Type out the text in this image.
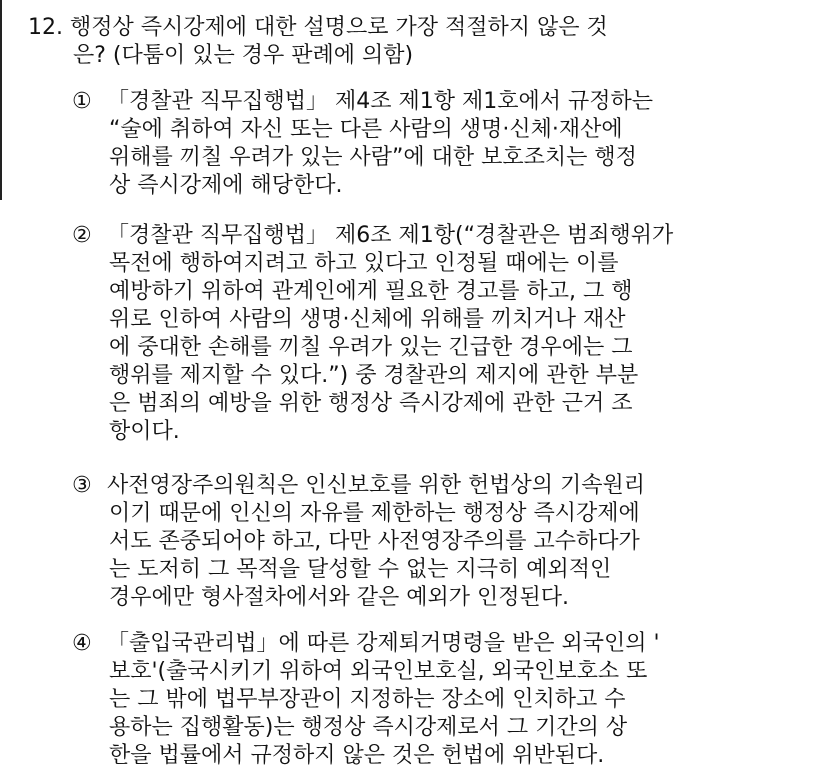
12. 행정상 즉시강제에 대한 설명으로 가장 적절하지 않은 것
은? (다툼이 있는 경우 판례에 의함)
① 「경찰관 직무집행법」 제4조 제1항 제1호에서 규정하는
“술에 취하여 자신 또는 다른 사람의 생명·신체·재산에
위해를 끼칠 우려가 있는 사람”에 대한 보호조치는 행정
상 즉시강제에 해당한다.
② 「경찰관 직무집행법」 제6조 제1항(“경찰관은 범죄행위가
목전에 행하여지려고 하고 있다고 인정될 때에는 이를
예방하기 위하여 관계인에게 필요한 경고를 하고, 그 행
위로 인하여 사람의 생명·신체에 위해를 끼치거나 재산
에 중대한 손해를 끼칠 우려가 있는 긴급한 경우에는 그
행위를 제지할 수 있다.”) 중 경찰관의 제지에 관한 부분
은 범죄의 예방을 위한 행정상 즉시강제에 관한 근거 조
항이다.
③ 사전영장주의원칙은 인신보호를 위한 헌법상의 기속원리
이기 때문에 인신의 자유를 제한하는 행정상 즉시강제에
서도 존중되어야 하고, 다만 사전영장주의를 고수하다가
는 도저히 그 목적을 달성할 수 없는 지극히 예외적인
경우에만 형사절차에서와 같은 예외가 인정된다.
④ 「출입국관리법」에 따른 강제퇴거명령을 받은 외국인의 '
보호'(출국시키기 위하여 외국인보호실, 외국인보호소 또
는 그 밖에 법무부장관이 지정하는 장소에 인치하고 수
용하는 집행활동)는 행정상 즉시강제로서 그 기간의 상
한을 법률에서 규정하지 않은 것은 헌법에 위반된다.
